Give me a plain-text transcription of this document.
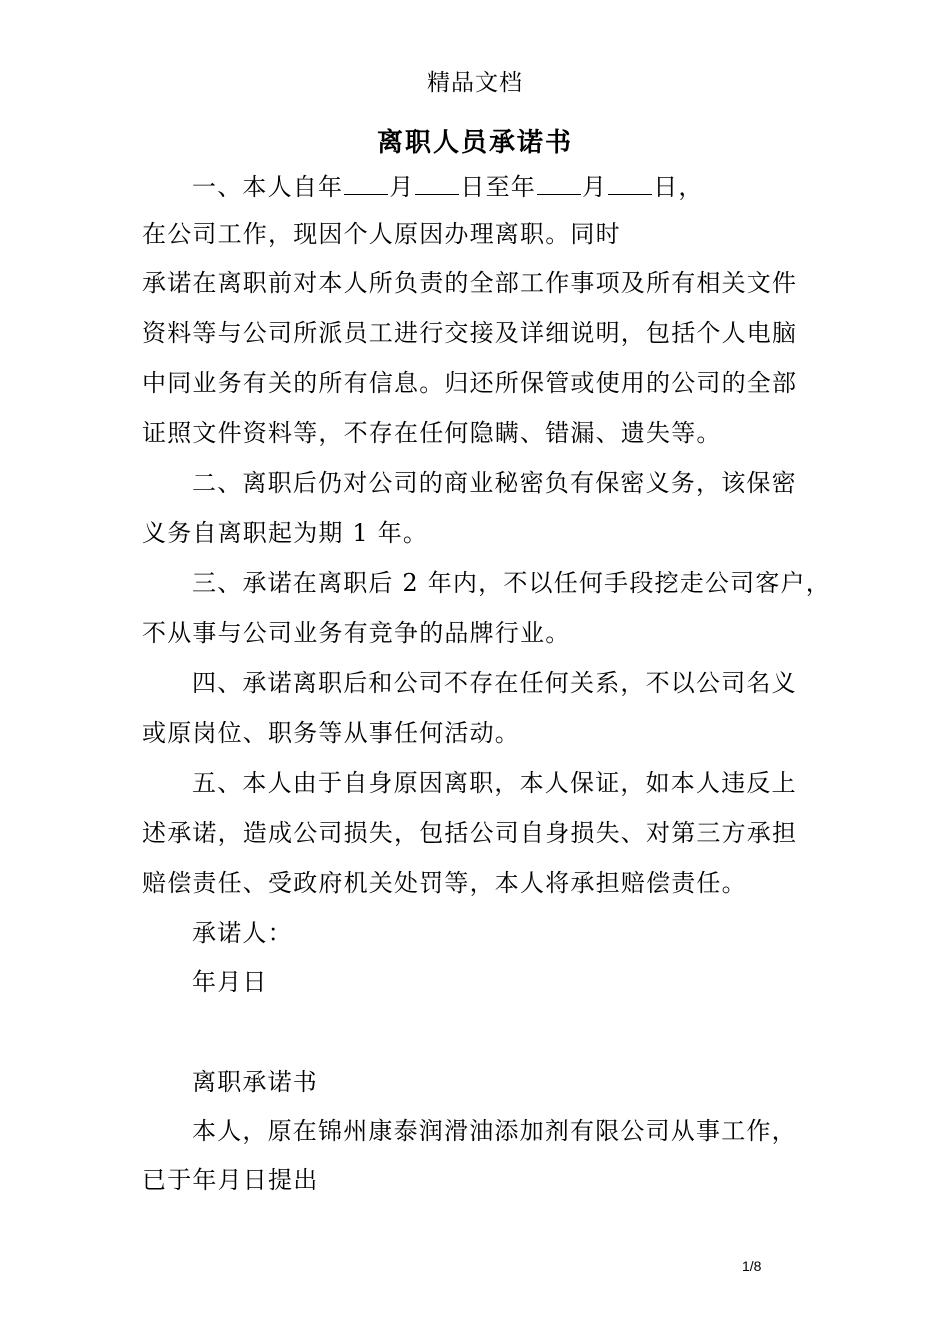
精品文档
离职人员承诺书
一、本人自年 月 日至年 月 日，
在公司工作，现因个人原因办理离职。同时
承诺在离职前对本人所负责的全部工作事项及所有相关文件
资料等与公司所派员工进行交接及详细说明，包括个人电脑
中同业务有关的所有信息。归还所保管或使用的公司的全部
证照文件资料等，不存在任何隐瞒、错漏、遗失等。
二、离职后仍对公司的商业秘密负有保密义务，该保密
义务自离职起为期 1 年。
三、承诺在离职后 2 年内，不以任何手段挖走公司客户，
不从事与公司业务有竞争的品牌行业。
四、承诺离职后和公司不存在任何关系，不以公司名义
或原岗位、职务等从事任何活动。
五、本人由于自身原因离职，本人保证，如本人违反上
述承诺，造成公司损失，包括公司自身损失、对第三方承担
赔偿责任、受政府机关处罚等，本人将承担赔偿责任。
承诺人：
年月日
离职承诺书
本人，原在锦州康泰润滑油添加剂有限公司从事工作，
已于年月日提出
1/8
